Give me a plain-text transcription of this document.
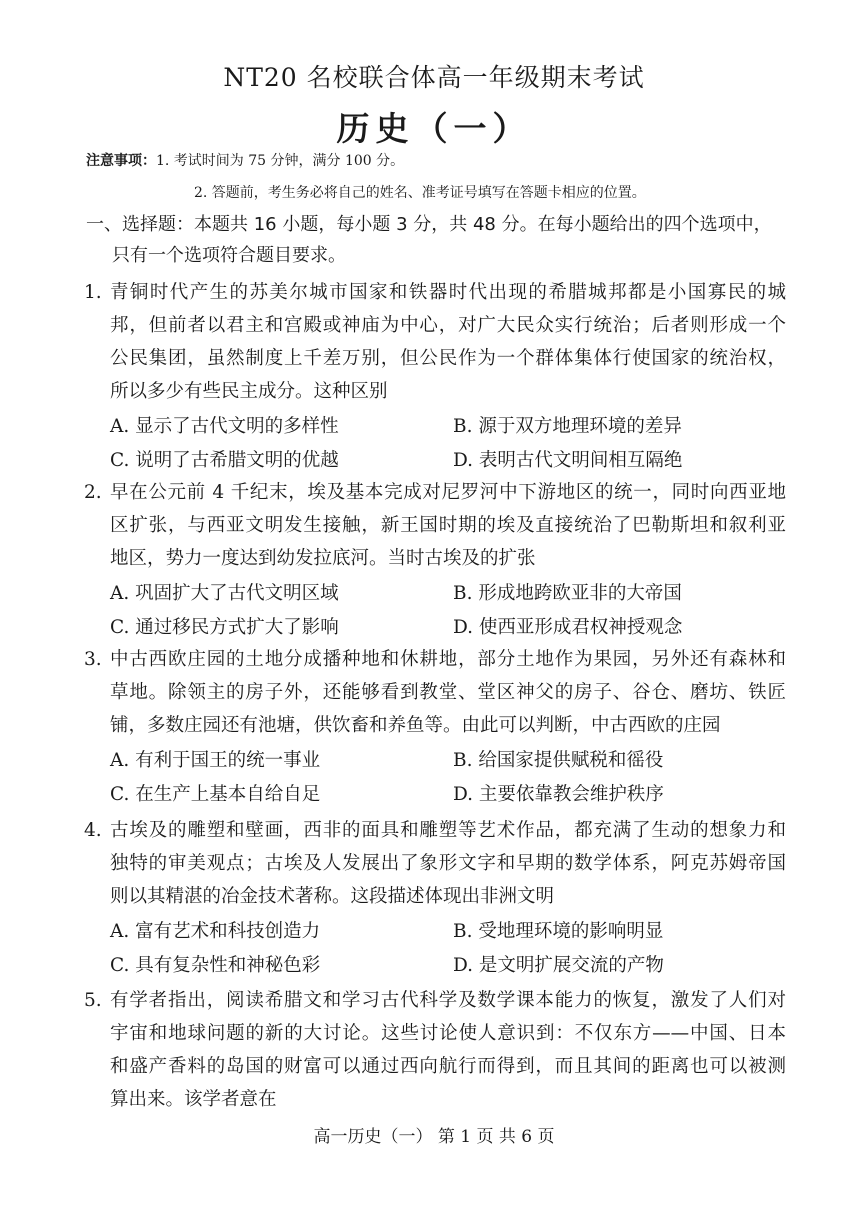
NT20 名校联合体高一年级期末考试
历史（一）
注意事项：1. 考试时间为 75 分钟，满分 100 分。
2. 答题前，考生务必将自己的姓名、准考证号填写在答题卡相应的位置。
一、选择题：本题共 16 小题，每小题 3 分，共 48 分。在每小题给出的四个选项中，
只有一个选项符合题目要求。
1. 青铜时代产生的苏美尔城市国家和铁器时代出现的希腊城邦都是小国寡民的城
邦，但前者以君主和宫殿或神庙为中心，对广大民众实行统治；后者则形成一个
公民集团，虽然制度上千差万别，但公民作为一个群体集体行使国家的统治权，
所以多少有些民主成分。这种区别
A. 显示了古代文明的多样性	B. 源于双方地理环境的差异
C. 说明了古希腊文明的优越	D. 表明古代文明间相互隔绝
2. 早在公元前 4 千纪末，埃及基本完成对尼罗河中下游地区的统一，同时向西亚地
区扩张，与西亚文明发生接触，新王国时期的埃及直接统治了巴勒斯坦和叙利亚
地区，势力一度达到幼发拉底河。当时古埃及的扩张
A. 巩固扩大了古代文明区域	B. 形成地跨欧亚非的大帝国
C. 通过移民方式扩大了影响	D. 使西亚形成君权神授观念
3. 中古西欧庄园的土地分成播种地和休耕地，部分土地作为果园，另外还有森林和
草地。除领主的房子外，还能够看到教堂、堂区神父的房子、谷仓、磨坊、铁匠
铺，多数庄园还有池塘，供饮畜和养鱼等。由此可以判断，中古西欧的庄园
A. 有利于国王的统一事业	B. 给国家提供赋税和徭役
C. 在生产上基本自给自足	D. 主要依靠教会维护秩序
4. 古埃及的雕塑和壁画，西非的面具和雕塑等艺术作品，都充满了生动的想象力和
独特的审美观点；古埃及人发展出了象形文字和早期的数学体系，阿克苏姆帝国
则以其精湛的冶金技术著称。这段描述体现出非洲文明
A. 富有艺术和科技创造力	B. 受地理环境的影响明显
C. 具有复杂性和神秘色彩	D. 是文明扩展交流的产物
5. 有学者指出，阅读希腊文和学习古代科学及数学课本能力的恢复，激发了人们对
宇宙和地球问题的新的大讨论。这些讨论使人意识到：不仅东方——中国、日本
和盛产香料的岛国的财富可以通过西向航行而得到，而且其间的距离也可以被测
算出来。该学者意在
高一历史（一） 第 1 页 共 6 页
